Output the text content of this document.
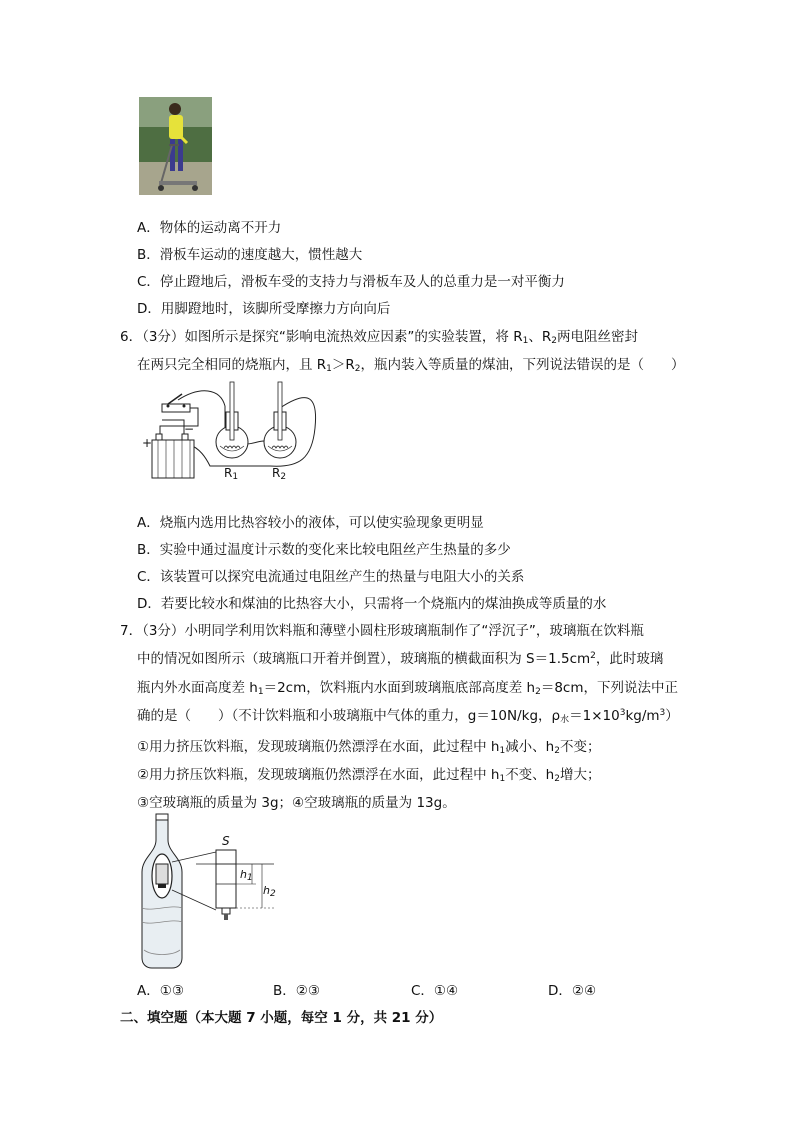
A．物体的运动离不开力
B．滑板车运动的速度越大，惯性越大
C．停止蹬地后，滑板车受的支持力与滑板车及人的总重力是一对平衡力
D．用脚蹬地时，该脚所受摩擦力方向向后
6．（3分）如图所示是探究“影响电流热效应因素”的实验装置，将 $R_1$、$R_2$两电阻丝密封
在两只完全相同的烧瓶内，且 $R_1>R_2$，瓶内装入等质量的煤油，下列说法错误的是（　　）
+
−
$R_1$	$R_2$
A．烧瓶内选用比热容较小的液体，可以使实验现象更明显
B．实验中通过温度计示数的变化来比较电阻丝产生热量的多少
C．该装置可以探究电流通过电阻丝产生的热量与电阻大小的关系
D．若要比较水和煤油的比热容大小，只需将一个烧瓶内的煤油换成等质量的水
7．（3分）小明同学利用饮料瓶和薄壁小圆柱形玻璃瓶制作了“浮沉子”，玻璃瓶在饮料瓶
中的情况如图所示（玻璃瓶口开着并倒置），玻璃瓶的横截面积为 $S=1.5cm^2$，此时玻璃
瓶内外水面高度差 $h_1=2cm$，饮料瓶内水面到玻璃瓶底部高度差 $h_2=8cm$，下列说法中正
确的是（　　）（不计饮料瓶和小玻璃瓶中气体的重力，g＝10N/kg，$\rho_水=1\times 10^3kg/m^3$）
①用力挤压饮料瓶，发现玻璃瓶仍然漂浮在水面，此过程中 $h_1$减小、$h_2$不变；
②用力挤压饮料瓶，发现玻璃瓶仍然漂浮在水面，此过程中 $h_1$不变、$h_2$增大；
③空玻璃瓶的质量为 3g；④空玻璃瓶的质量为 13g。
S
$h_1$
$h_2$
A．①③	B．②③	C．①④	D．②④
二、填空题（本大题 7 小题，每空 1 分，共 21 分）
